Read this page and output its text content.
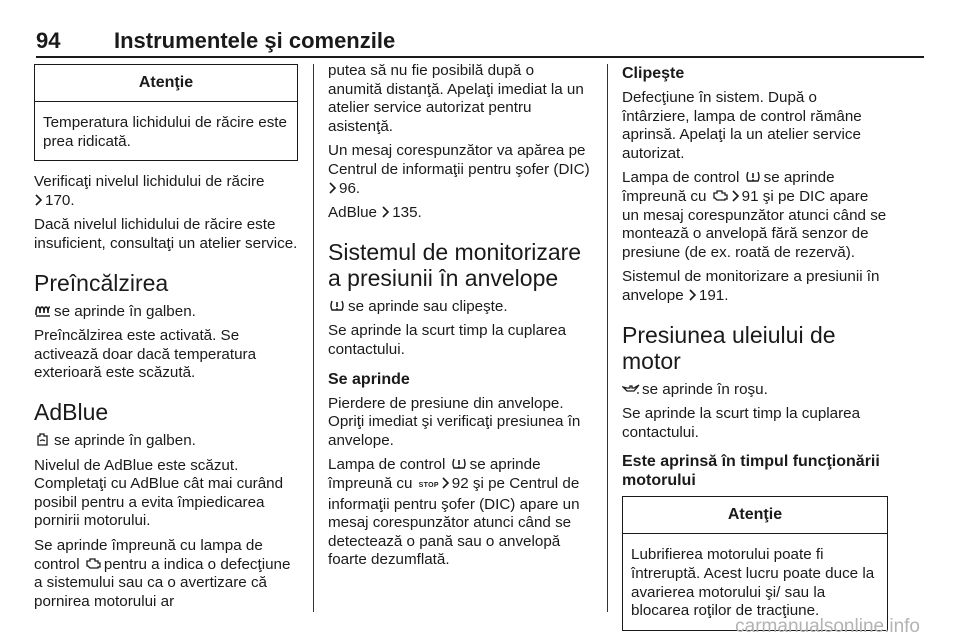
94 Instrumentele şi comenzile
Atenţie
Temperatura lichidului de răcire este prea ridicată.

Verificaţi nivelul lichidului de răcire

170.

Dacă nivelul lichidului de răcire este insuficient, consultaţi un atelier service.

Preîncălzirea

se aprinde în galben.

Preîncălzirea este activată. Se activează doar dacă temperatura exterioară este scăzută.

AdBlue

se aprinde în galben.

Nivelul de AdBlue este scăzut. Completaţi cu AdBlue cât mai curând posibil pentru a evita împiedicarea pornirii motorului.

Se aprinde împreună cu lampa de control pentru a indica o defecţiune a sistemului sau ca o avertizare că pornirea motorului ar

putea să nu fie posibilă după o anumită distanţă. Apelaţi imediat la un atelier service autorizat pentru asistenţă.

Un mesaj corespunzător va apărea pe Centrul de informaţii pentru şofer (DIC)
96.

AdBlue 135.

Sistemul de monitorizare a presiunii în anvelope

se aprinde sau clipeşte.

Se aprinde la scurt timp la cuplarea contactului.

Se aprinde

Pierdere de presiune din anvelope. Opriţi imediat şi verificaţi presiunea în anvelope.

Lampa de control se aprinde împreună cu STOP 92 şi pe Centrul de informaţii pentru şofer (DIC) apare un mesaj corespunzător atunci când se detectează o pană sau o anvelopă foarte dezumflată.

Clipeşte

Defecţiune în sistem. După o întârziere, lampa de control rămâne aprinsă. Apelaţi la un atelier service autorizat.

Lampa de control se aprinde împreună cu 91 şi pe DIC apare un mesaj corespunzător atunci când se montează o anvelopă fără senzor de presiune (de ex. roată de rezervă).

Sistemul de monitorizare a presiunii în anvelope 191.

Presiunea uleiului de motor

se aprinde în roşu.

Se aprinde la scurt timp la cuplarea contactului.

Este aprinsă în timpul funcţionării motorului
Atenţie
Lubrifierea motorului poate fi întreruptă. Acest lucru poate duce la avarierea motorului şi/ sau la blocarea roţilor de tracţiune.
carmanualsonline.info
